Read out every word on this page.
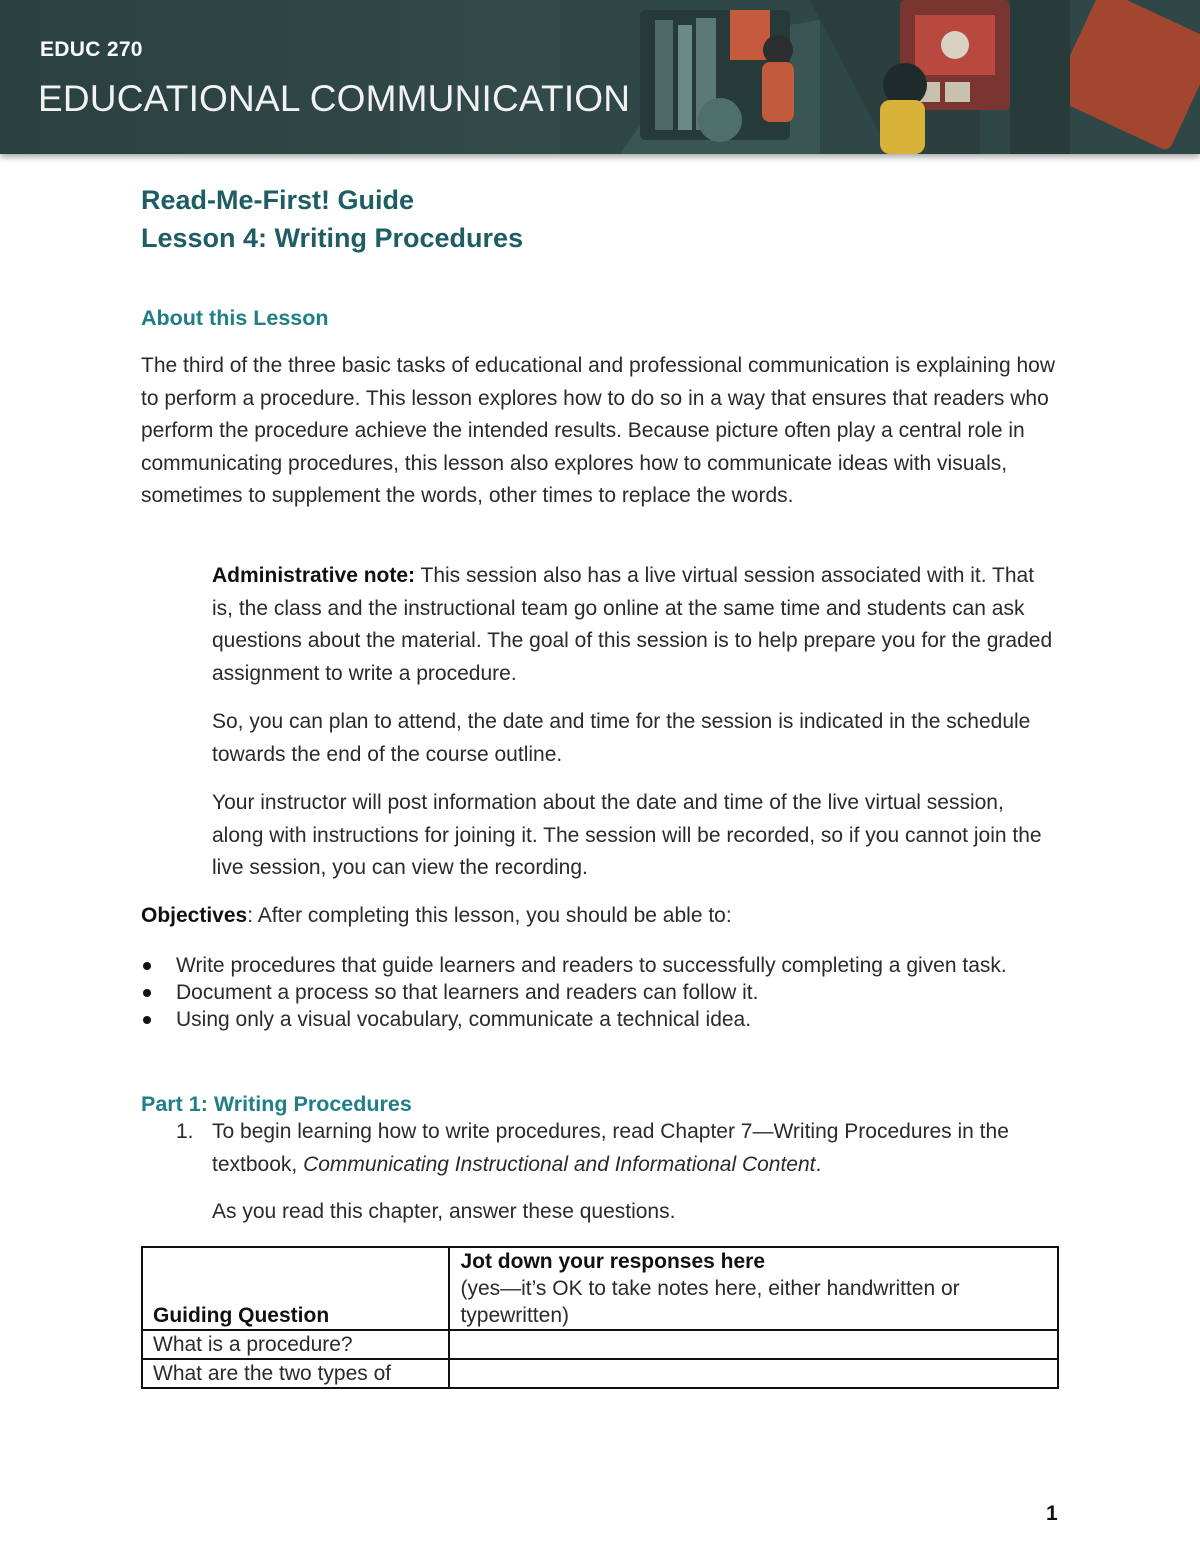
EDUC 270
EDUCATIONAL COMMUNICATION
Read-Me-First! Guide
Lesson 4: Writing Procedures
About this Lesson
The third of the three basic tasks of educational and professional communication is explaining how to perform a procedure. This lesson explores how to do so in a way that ensures that readers who perform the procedure achieve the intended results. Because picture often play a central role in communicating procedures, this lesson also explores how to communicate ideas with visuals, sometimes to supplement the words, other times to replace the words.
Administrative note: This session also has a live virtual session associated with it. That is, the class and the instructional team go online at the same time and students can ask questions about the material. The goal of this session is to help prepare you for the graded assignment to write a procedure.
So, you can plan to attend, the date and time for the session is indicated in the schedule towards the end of the course outline.
Your instructor will post information about the date and time of the live virtual session, along with instructions for joining it. The session will be recorded, so if you cannot join the live session, you can view the recording.
Objectives: After completing this lesson, you should be able to:
Write procedures that guide learners and readers to successfully completing a given task.
Document a process so that learners and readers can follow it.
Using only a visual vocabulary, communicate a technical idea.
Part 1: Writing Procedures
1. To begin learning how to write procedures, read Chapter 7—Writing Procedures in the textbook, Communicating Instructional and Informational Content.
As you read this chapter, answer these questions.
Guiding Question	Jot down your responses here
(yes—it’s OK to take notes here, either handwritten or typewritten)
What is a procedure?	
What are the two types of	
1
